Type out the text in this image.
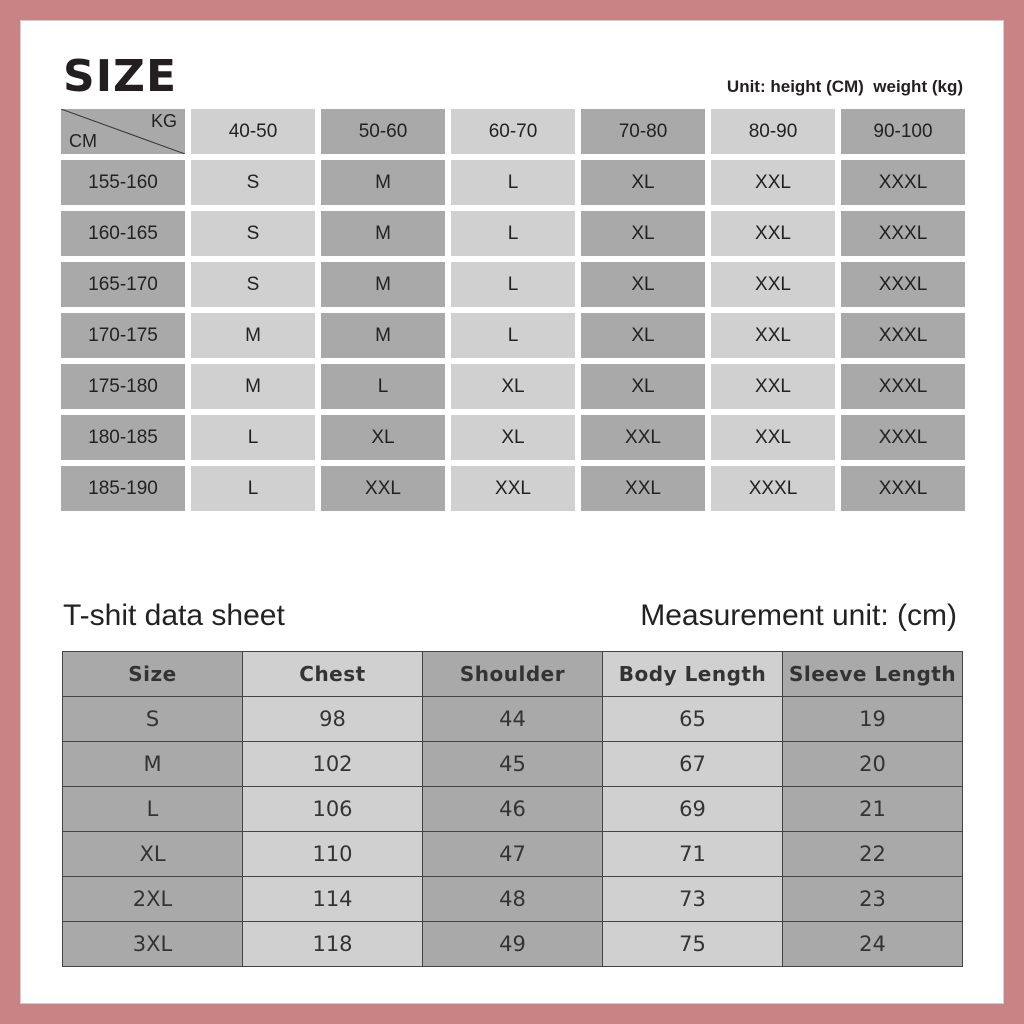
SIZE	Unit: height (CM)  weight (kg)
KG
CM	40-50	50-60	60-70	70-80	80-90	90-100
155-160	S	M	L	XL	XXL	XXXL
160-165	S	M	L	XL	XXL	XXXL
165-170	S	M	L	XL	XXL	XXXL
170-175	M	M	L	XL	XXL	XXXL
175-180	M	L	XL	XL	XXL	XXXL
180-185	L	XL	XL	XXL	XXL	XXXL
185-190	L	XXL	XXL	XXL	XXXL	XXXL
T-shit data sheet	Measurement unit: (cm)
Size	Chest	Shoulder	Body Length	Sleeve Length
S	98	44	65	19
M	102	45	67	20
L	106	46	69	21
XL	110	47	71	22
2XL	114	48	73	23
3XL	118	49	75	24
